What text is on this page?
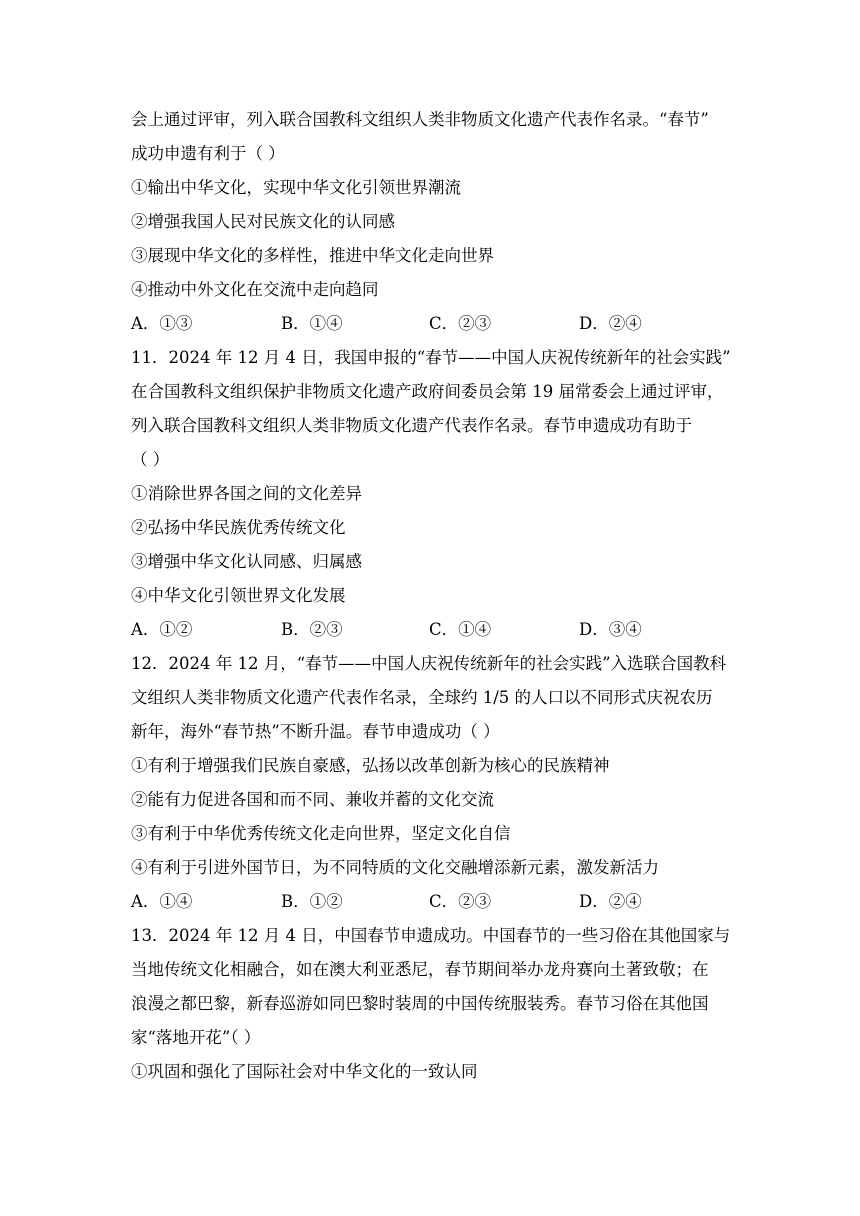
会上通过评审，列入联合国教科文组织人类非物质文化遗产代表作名录。“春节”
成功申遗有利于（ ）
①输出中华文化，实现中华文化引领世界潮流
②增强我国人民对民族文化的认同感
③展现中华文化的多样性，推进中华文化走向世界
④推动中外文化在交流中走向趋同
A．①③	B．①④	C．②③	D．②④
11．2024 年 12 月 4 日，我国申报的“春节——中国人庆祝传统新年的社会实践”
在合国教科文组织保护非物质文化遗产政府间委员会第 19 届常委会上通过评审，
列入联合国教科文组织人类非物质文化遗产代表作名录。春节申遗成功有助于
（ ）
①消除世界各国之间的文化差异
②弘扬中华民族优秀传统文化
③增强中华文化认同感、归属感
④中华文化引领世界文化发展
A．①②	B．②③	C．①④	D．③④
12．2024 年 12 月，“春节——中国人庆祝传统新年的社会实践”入选联合国教科
文组织人类非物质文化遗产代表作名录，全球约 1/5 的人口以不同形式庆祝农历
新年，海外“春节热”不断升温。春节申遗成功（ ）
①有利于增强我们民族自豪感，弘扬以改革创新为核心的民族精神
②能有力促进各国和而不同、兼收并蓄的文化交流
③有利于中华优秀传统文化走向世界，坚定文化自信
④有利于引进外国节日，为不同特质的文化交融增添新元素，激发新活力
A．①④	B．①②	C．②③	D．②④
13．2024 年 12 月 4 日，中国春节申遗成功。中国春节的一些习俗在其他国家与
当地传统文化相融合，如在澳大利亚悉尼，春节期间举办龙舟赛向土著致敬；在
浪漫之都巴黎，新春巡游如同巴黎时装周的中国传统服装秀。春节习俗在其他国
家“落地开花”（ ）
①巩固和强化了国际社会对中华文化的一致认同
